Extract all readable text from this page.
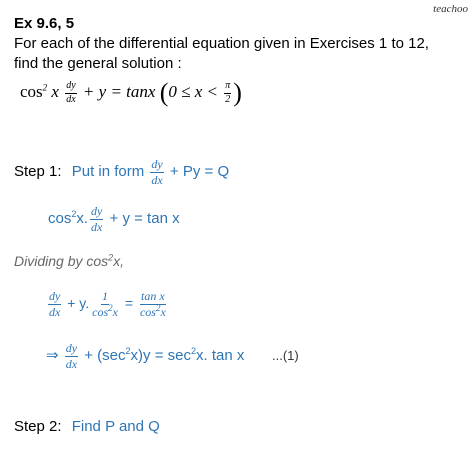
teachoo
Ex 9.6, 5
For each of the differential equation given in Exercises 1 to 12,
find the general solution :
$\cos^2 x \frac{dy}{dx} + y = \tan x$ ($0 \le x < \frac{\pi}{2}$ )
Step 1: Put in form $\frac{dy}{dx} + Py = Q$
$\cos^2x$. $\frac{dy}{dx} + y = \tan x$
Dividing by $\cos^2x$,
$\frac{dy}{dx} + y$. $\frac{1}{\cos^2x} = \frac{\text{tan x}}{\cos^2x}$
⇒ $\frac{dy}{dx} + (\sec^2x)y = \sec^2x$. tan x ...(1)
Step 2: Find P and Q
